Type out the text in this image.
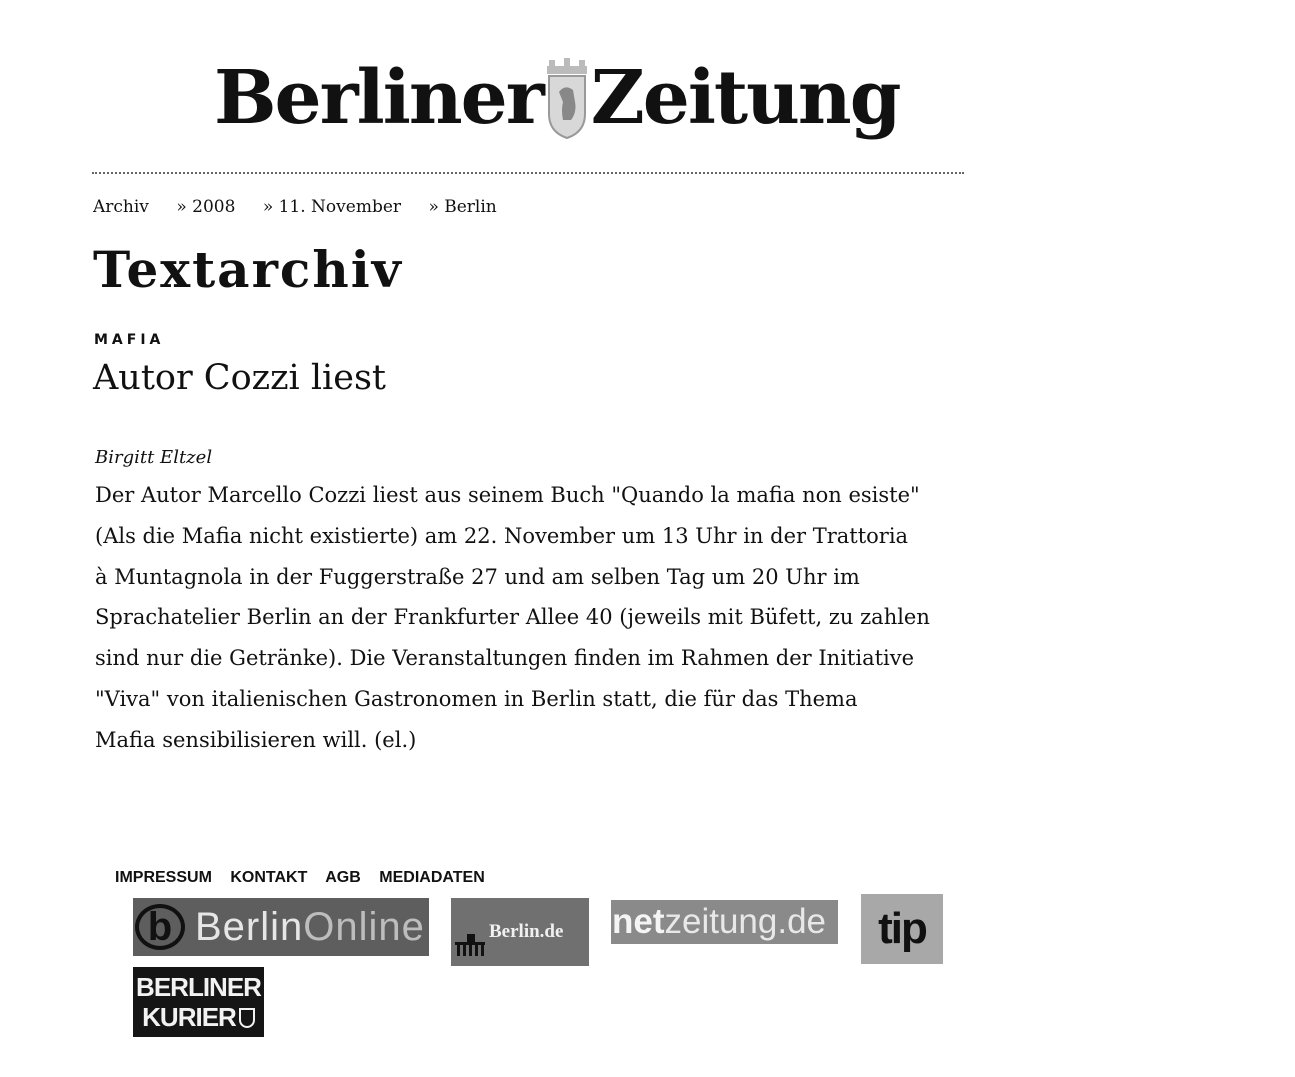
Berliner Zeitung
Archiv » 2008 » 11. November » Berlin
Textarchiv
MAFIA
Autor Cozzi liest
Birgitt Eltzel
Der Autor Marcello Cozzi liest aus seinem Buch "Quando la mafia non esiste"
(Als die Mafia nicht existierte) am 22. November um 13 Uhr in der Trattoria
à Muntagnola in der Fuggerstraße 27 und am selben Tag um 20 Uhr im
Sprachatelier Berlin an der Frankfurter Allee 40 (jeweils mit Büfett, zu zahlen
sind nur die Getränke). Die Veranstaltungen finden im Rahmen der Initiative
"Viva" von italienischen Gastronomen in Berlin statt, die für das Thema
Mafia sensibilisieren will. (el.)
IMPRESSUM KONTAKT AGB MEDIADATEN
b BerlinOnline	Berlin.de netzeitung.de	tip
BERLINER
KURIER
